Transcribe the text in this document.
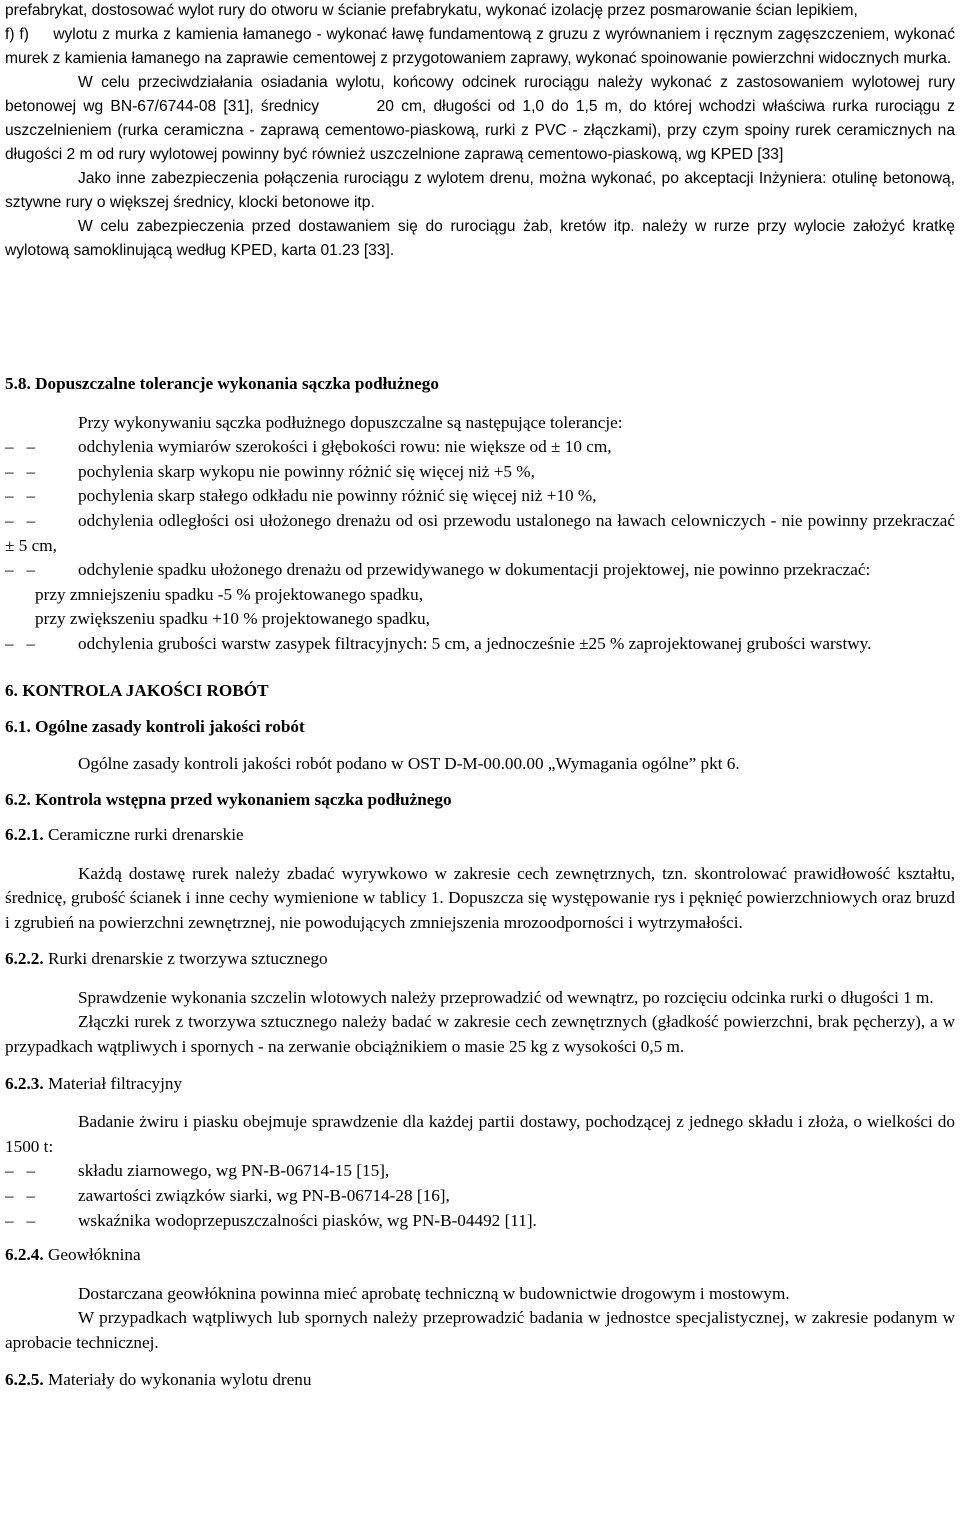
prefabrykat, dostosować wylot rury do otworu w ścianie prefabrykatu, wykonać izolację przez posmarowanie ścian lepikiem,

f) f)     wylotu z murka z kamienia łamanego - wykonać ławę fundamentową z gruzu z wyrównaniem i ręcznym zagęszczeniem, wykonać murek z kamienia łamanego na zaprawie cementowej z przygotowaniem zaprawy, wykonać spoinowanie powierzchni widocznych murka.

W celu przeciwdziałania osiadania wylotu, końcowy odcinek rurociągu należy wykonać z zastosowaniem wylotowej rury betonowej wg BN-67/6744-08 [31], średnicy        20 cm, długości od 1,0 do 1,5 m, do której wchodzi właściwa rurka rurociągu z uszczelnieniem (rurka ceramiczna - zaprawą cementowo-piaskową, rurki z PVC - złączkami), przy czym spoiny rurek ceramicznych na długości 2 m od rury wylotowej powinny być również uszczelnione zaprawą cementowo-piaskową, wg KPED [33]

Jako inne zabezpieczenia połączenia rurociągu z wylotem drenu, można wykonać, po akceptacji Inżyniera: otulinę betonową, sztywne rury o większej średnicy, klocki betonowe itp.

W celu zabezpieczenia przed dostawaniem się do rurociągu żab, kretów itp. należy w rurze przy wylocie założyć kratkę wylotową samoklinującą według KPED, karta 01.23 [33].

5.8. Dopuszczalne tolerancje wykonania sączka podłużnego

Przy wykonywaniu sączka podłużnego dopuszczalne są następujące tolerancje:

–   –	odchylenia wymiarów szerokości i głębokości rowu: nie większe od ± 10 cm,
–   –	pochylenia skarp wykopu nie powinny różnić się więcej niż +5 %,
–   –	pochylenia skarp stałego odkładu nie powinny różnić się więcej niż +10 %,

–   – odchylenia odległości osi ułożonego drenażu od osi przewodu ustalonego na ławach celowniczych - nie powinny przekraczać ± 5 cm,

–   – odchylenie spadku ułożonego drenażu od przewidywanego w dokumentacji projektowej, nie powinno przekraczać:

przy zmniejszeniu spadku -5 % projektowanego spadku,

przy zwiększeniu spadku +10 % projektowanego spadku,

–   – odchylenia grubości warstw zasypek filtracyjnych: 5 cm, a jednocześnie ±25 % zaprojektowanej grubości warstwy.

6. KONTROLA JAKOŚCI ROBÓT

6.1. Ogólne zasady kontroli jakości robót

Ogólne zasady kontroli jakości robót podano w OST D-M-00.00.00 „Wymagania ogólne” pkt 6.

6.2. Kontrola wstępna przed wykonaniem sączka podłużnego

6.2.1. Ceramiczne rurki drenarskie

Każdą dostawę rurek należy zbadać wyrywkowo w zakresie cech zewnętrznych, tzn. skontrolować prawidłowość kształtu, średnicę, grubość ścianek i inne cechy wymienione w tablicy 1. Dopuszcza się występowanie rys i pęknięć powierzchniowych oraz bruzd i zgrubień na powierzchni zewnętrznej, nie powodujących zmniejszenia mrozoodporności i wytrzymałości.

6.2.2. Rurki drenarskie z tworzywa sztucznego

Sprawdzenie wykonania szczelin wlotowych należy przeprowadzić od wewnątrz, po rozcięciu odcinka rurki o długości 1 m.

Złączki rurek z tworzywa sztucznego należy badać w zakresie cech zewnętrznych (gładkość powierzchni, brak pęcherzy), a w przypadkach wątpliwych i spornych - na zerwanie obciążnikiem o masie 25 kg z wysokości 0,5 m.

6.2.3. Materiał filtracyjny

Badanie żwiru i piasku obejmuje sprawdzenie dla każdej partii dostawy, pochodzącej z jednego składu i złoża, o wielkości do 1500 t:

–   –	składu ziarnowego, wg PN-B-06714-15 [15],
–   –	zawartości związków siarki, wg PN-B-06714-28 [16],
–   –	wskaźnika wodoprzepuszczalności piasków, wg PN-B-04492 [11].

6.2.4. Geowłóknina

Dostarczana geowłóknina powinna mieć aprobatę techniczną w budownictwie drogowym i mostowym.

W przypadkach wątpliwych lub spornych należy przeprowadzić badania w jednostce specjalistycznej, w zakresie podanym w aprobacie technicznej.

6.2.5. Materiały do wykonania wylotu drenu
